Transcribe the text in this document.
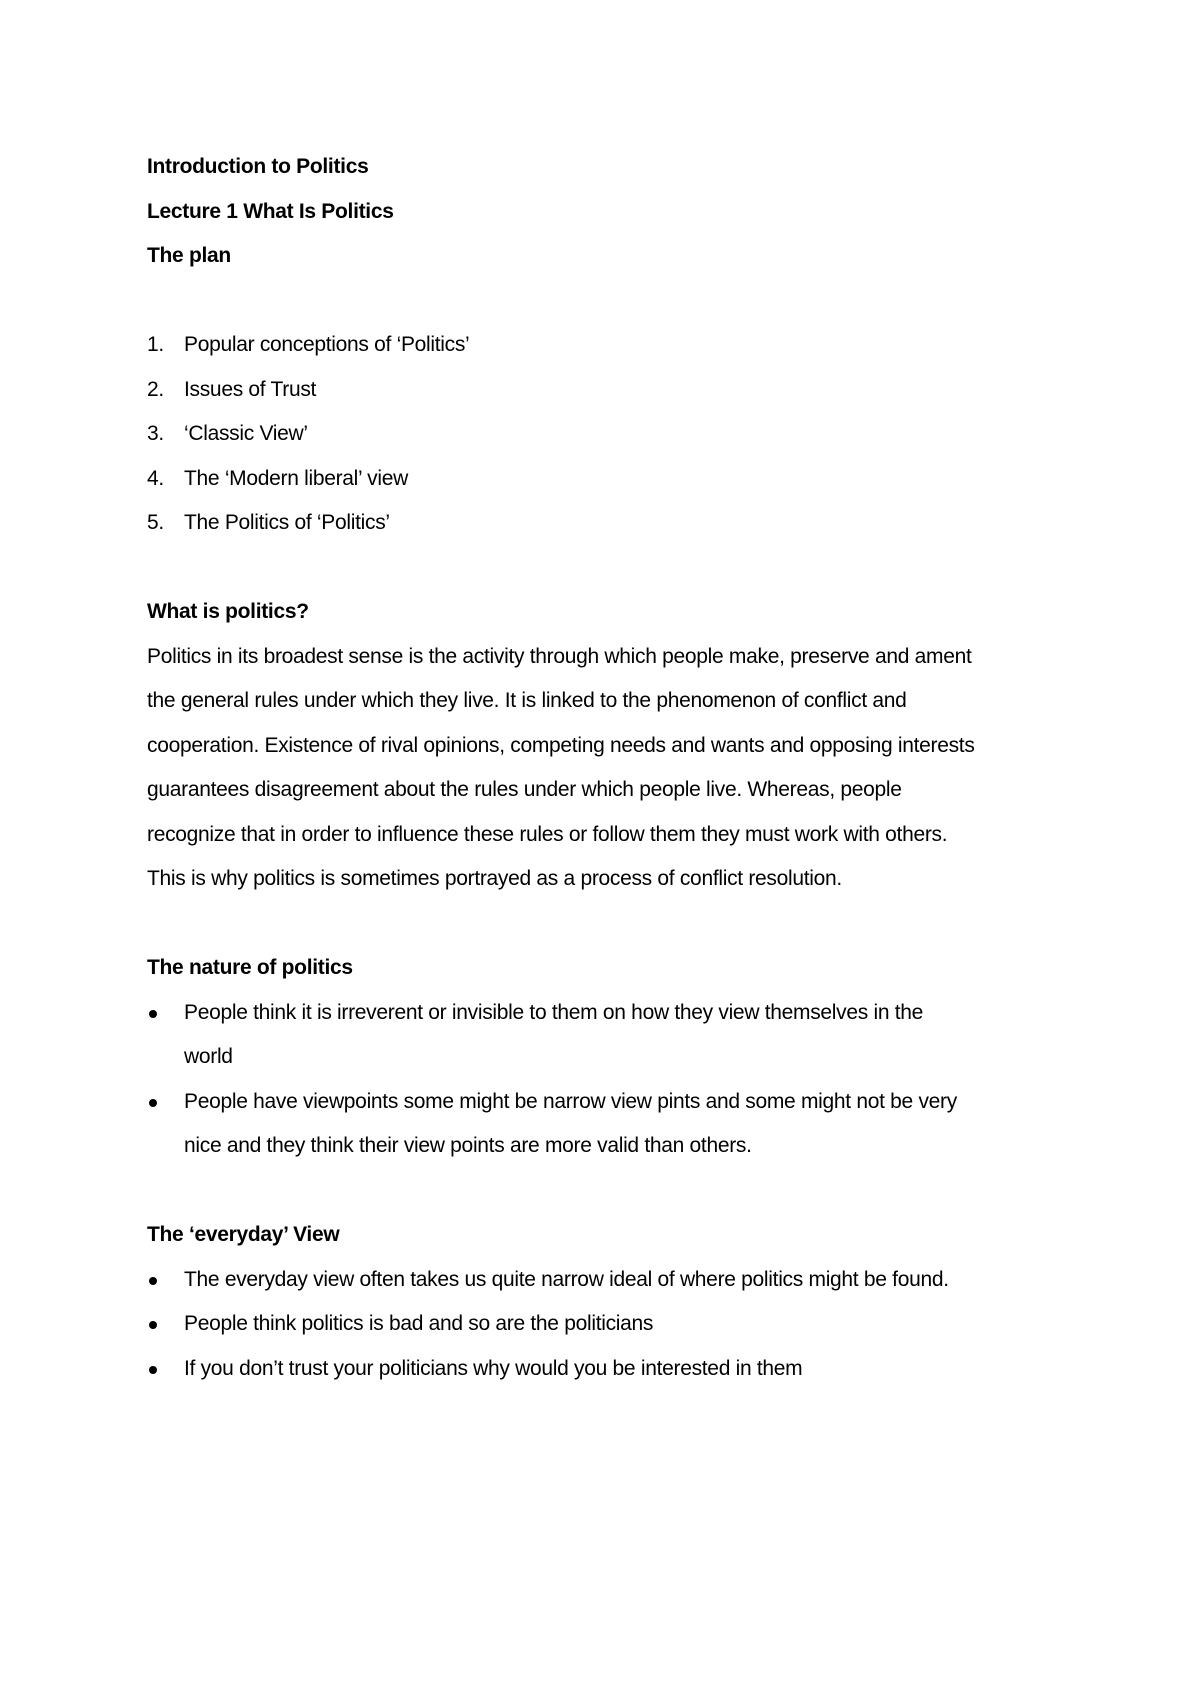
Introduction to Politics

Lecture 1 What Is Politics

The plan

1. Popular conceptions of ‘Politics’
2. Issues of Trust
3. ‘Classic View’
4. The ‘Modern liberal’ view
5. The Politics of ‘Politics’

What is politics?

Politics in its broadest sense is the activity through which people make, preserve and ament

the general rules under which they live. It is linked to the phenomenon of conflict and

cooperation. Existence of rival opinions, competing needs and wants and opposing interests

guarantees disagreement about the rules under which people live. Whereas, people

recognize that in order to influence these rules or follow them they must work with others.

This is why politics is sometimes portrayed as a process of conflict resolution.

The nature of politics

People think it is irreverent or invisible to them on how they view themselves in the

world

People have viewpoints some might be narrow view pints and some might not be very

nice and they think their view points are more valid than others.

The ‘everyday’ View

The everyday view often takes us quite narrow ideal of where politics might be found.

People think politics is bad and so are the politicians

If you don’t trust your politicians why would you be interested in them
